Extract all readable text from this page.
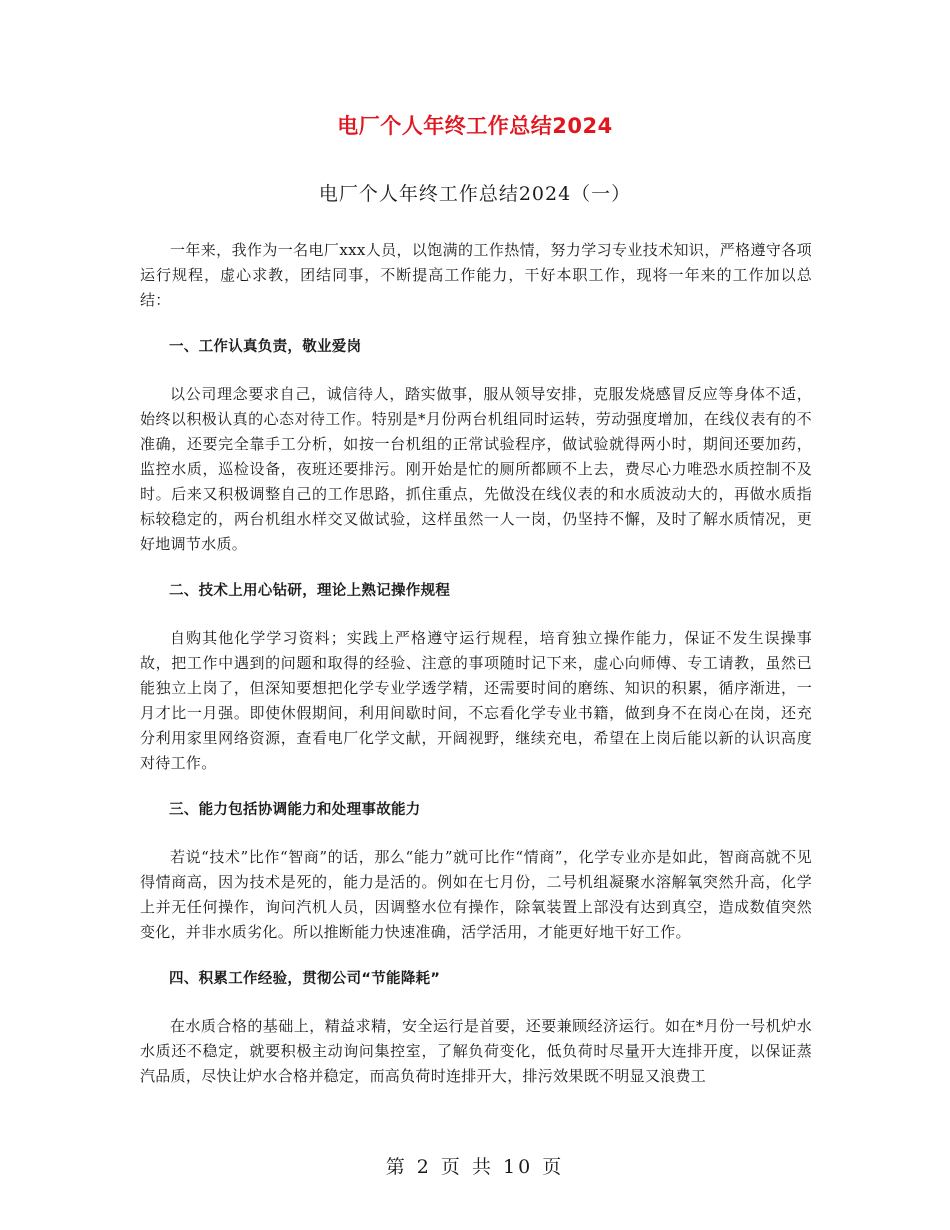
电厂个人年终工作总结2024
电厂个人年终工作总结2024（一）

一年来，我作为一名电厂xxx人员，以饱满的工作热情，努力学习专业技术知识，严格遵守各项运行规程，虚心求教，团结同事，不断提高工作能力，干好本职工作，现将一年来的工作加以总结：

一、工作认真负责，敬业爱岗

以公司理念要求自己，诚信待人，踏实做事，服从领导安排，克服发烧感冒反应等身体不适，始终以积极认真的心态对待工作。特别是*月份两台机组同时运转，劳动强度增加，在线仪表有的不准确，还要完全靠手工分析，如按一台机组的正常试验程序，做试验就得两小时，期间还要加药，监控水质，巡检设备，夜班还要排污。刚开始是忙的厕所都顾不上去，费尽心力唯恐水质控制不及时。后来又积极调整自己的工作思路，抓住重点，先做没在线仪表的和水质波动大的，再做水质指标较稳定的，两台机组水样交叉做试验，这样虽然一人一岗，仍坚持不懈，及时了解水质情况，更好地调节水质。

二、技术上用心钻研，理论上熟记操作规程

自购其他化学学习资料；实践上严格遵守运行规程，培育独立操作能力，保证不发生误操事故，把工作中遇到的问题和取得的经验、注意的事项随时记下来，虚心向师傅、专工请教，虽然已能独立上岗了，但深知要想把化学专业学透学精，还需要时间的磨练、知识的积累，循序渐进，一月才比一月强。即使休假期间，利用间歇时间，不忘看化学专业书籍，做到身不在岗心在岗，还充分利用家里网络资源，查看电厂化学文献，开阔视野，继续充电，希望在上岗后能以新的认识高度对待工作。

三、能力包括协调能力和处理事故能力

若说“技术”比作“智商”的话，那么“能力”就可比作“情商”，化学专业亦是如此，智商高就不见得情商高，因为技术是死的，能力是活的。例如在七月份，二号机组凝聚水溶解氧突然升高，化学上并无任何操作，询问汽机人员，因调整水位有操作，除氧装置上部没有达到真空，造成数值突然变化，并非水质劣化。所以推断能力快速准确，活学活用，才能更好地干好工作。

四、积累工作经验，贯彻公司“节能降耗”

在水质合格的基础上，精益求精，安全运行是首要，还要兼顾经济运行。如在*月份一号机炉水水质还不稳定，就要积极主动询问集控室，了解负荷变化，低负荷时尽量开大连排开度，以保证蒸汽品质，尽快让炉水合格并稳定，而高负荷时连排开大，排污效果既不明显又浪费工

第 2 页 共 10 页
